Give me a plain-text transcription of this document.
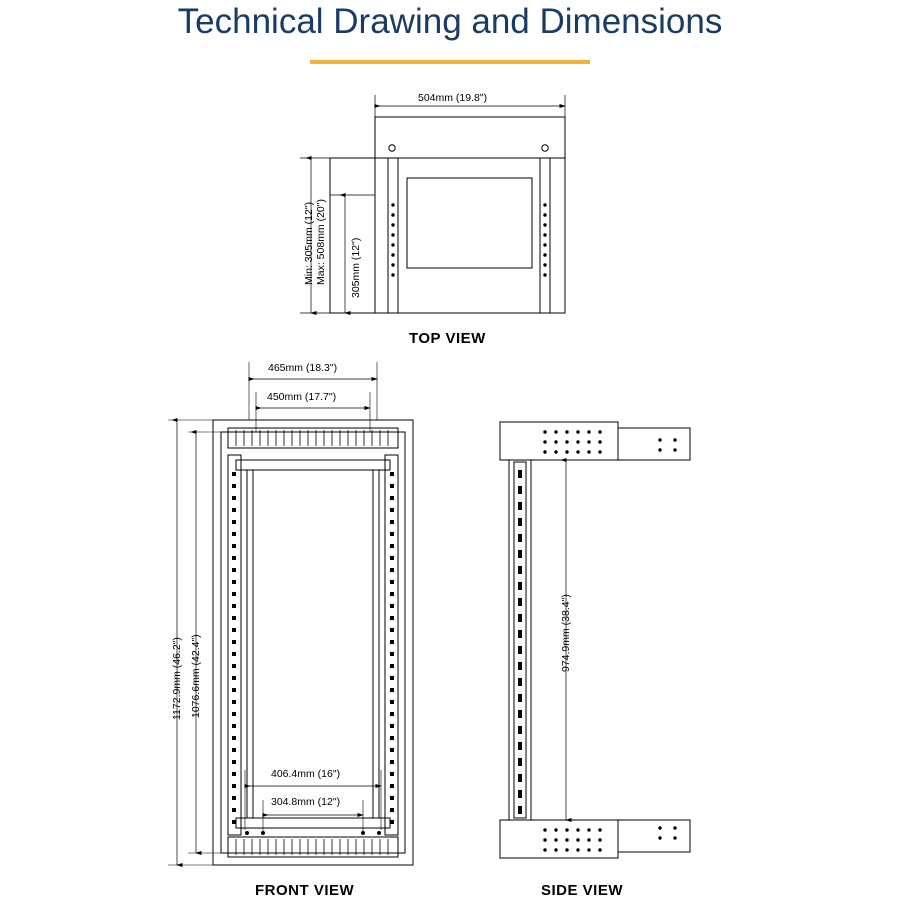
Technical Drawing and Dimensions
504mm (19.8")
Min: 305mm (12") Max: 508mm (20") 305mm (12")
TOP VIEW
465mm (18.3")
450mm (17.7")
1172.9mm (46.2") 1076.6mm (42.4")
406.4mm (16")
304.8mm (12")
FRONT VIEW
974.9mm (38.4")
SIDE VIEW
